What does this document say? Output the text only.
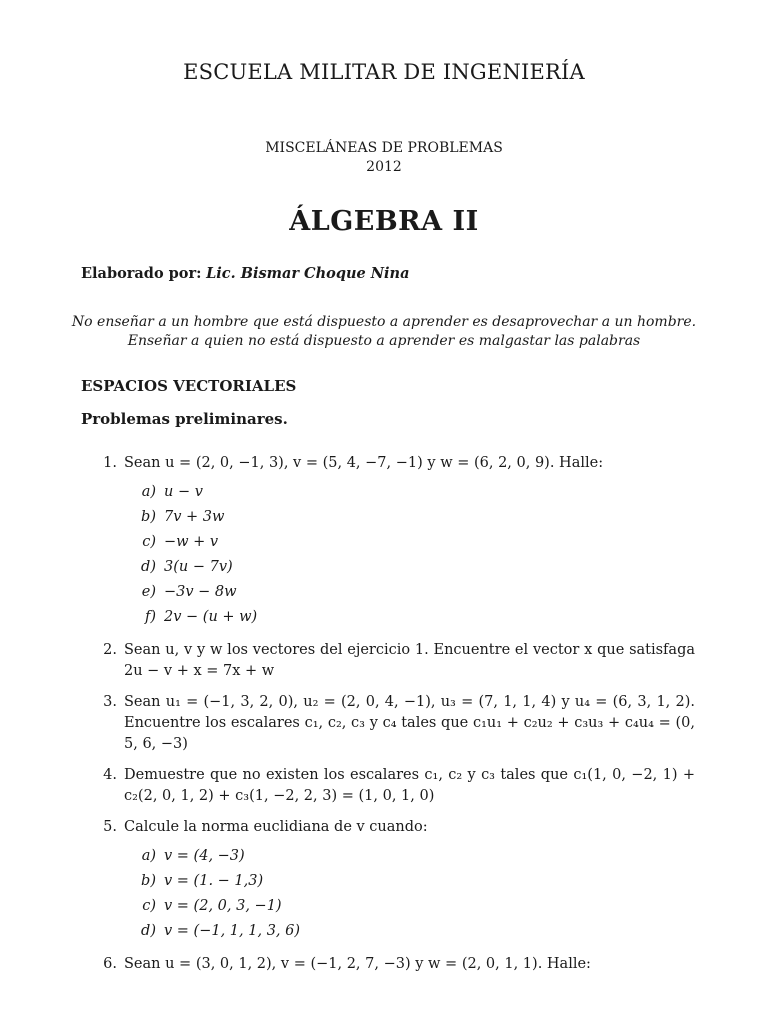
ESCUELA MILITAR DE INGENIERÍA
MISCELÁNEAS DE PROBLEMAS
2012
ÁLGEBRA II
Elaborado por: Lic. Bismar Choque Nina
No enseñar a un hombre que está dispuesto a aprender es desaprovechar a un hombre.
Enseñar a quien no está dispuesto a aprender es malgastar las palabras
ESPACIOS VECTORIALES
Problemas preliminares.
1. Sean u = (2, 0, −1, 3), v = (5, 4, −7, −1) y w = (6, 2, 0, 9). Halle:
a) u − v
b) 7v + 3w
c) −w + v
d) 3(u − 7v)
e) −3v − 8w
f) 2v − (u + w)
2. Sean u, v y w los vectores del ejercicio 1. Encuentre el vector x que satisfaga 2u − v + x = 7x + w
3. Sean u₁ = (−1, 3, 2, 0), u₂ = (2, 0, 4, −1), u₃ = (7, 1, 1, 4) y u₄ = (6, 3, 1, 2). Encuentre los escalares c₁, c₂, c₃ y c₄ tales que c₁u₁ + c₂u₂ + c₃u₃ + c₄u₄ = (0, 5, 6, −3)
4. Demuestre que no existen los escalares c₁, c₂ y c₃ tales que c₁(1, 0, −2, 1) + c₂(2, 0, 1, 2) + c₃(1, −2, 2, 3) = (1, 0, 1, 0)
5. Calcule la norma euclidiana de v cuando:
a) v = (4, −3)
b) v = (1. − 1,3)
c) v = (2, 0, 3, −1)
d) v = (−1, 1, 1, 3, 6)
6. Sean u = (3, 0, 1, 2), v = (−1, 2, 7, −3) y w = (2, 0, 1, 1). Halle:
